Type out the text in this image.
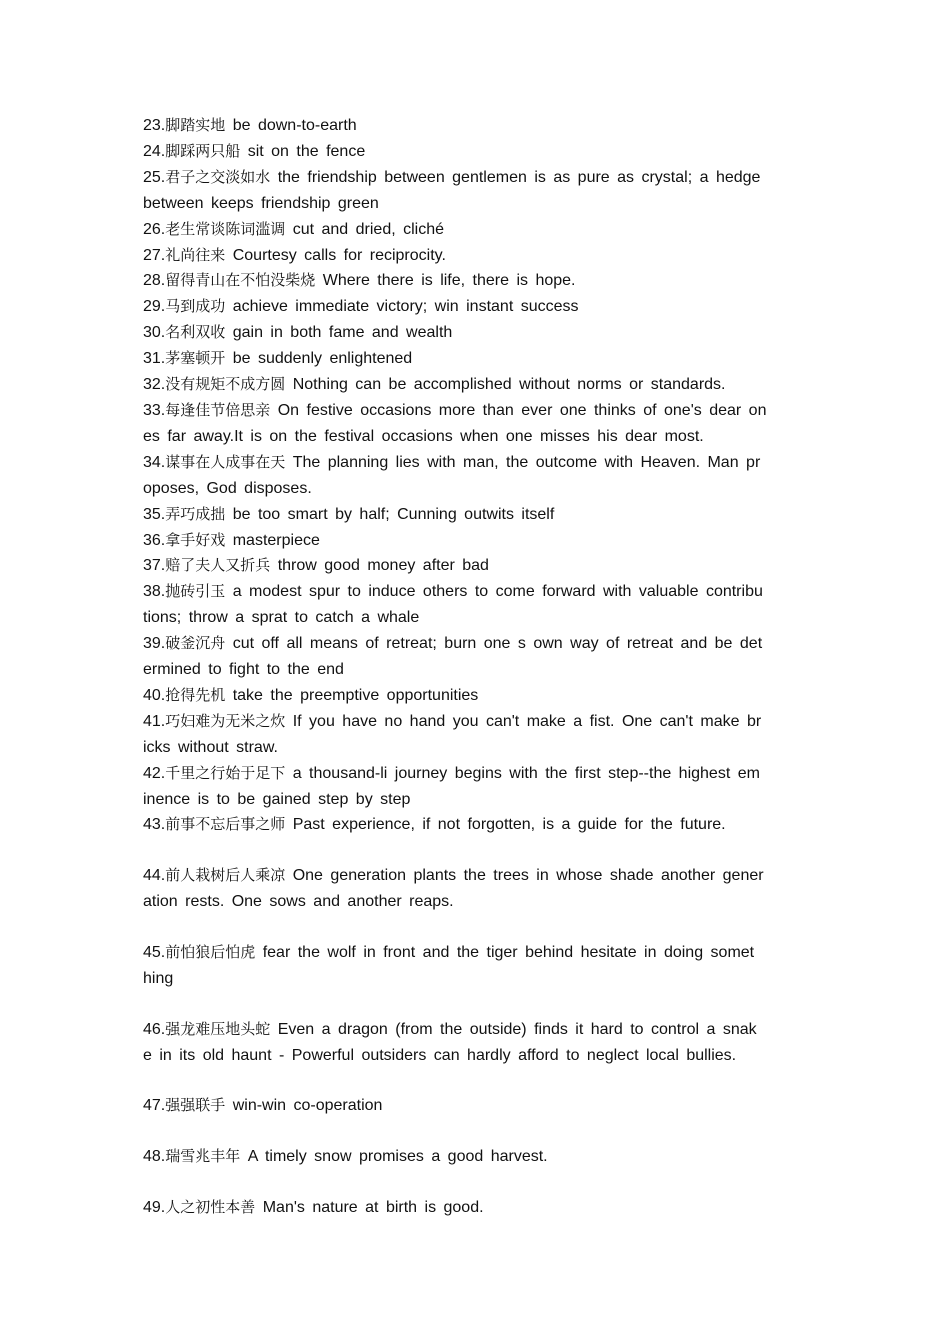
23.脚踏实地 be down-to-earth
24.脚踩两只船 sit on the fence
25.君子之交淡如水 the friendship between gentlemen is as pure as crystal; a hedge
between keeps friendship green
26.老生常谈陈词滥调 cut and dried, cliché
27.礼尚往来 Courtesy calls for reciprocity.
28.留得青山在不怕没柴烧 Where there is life, there is hope.
29.马到成功 achieve immediate victory; win instant success
30.名利双收 gain in both fame and wealth
31.茅塞顿开 be suddenly enlightened
32.没有规矩不成方圆 Nothing can be accomplished without norms or standards.
33.每逢佳节倍思亲 On festive occasions more than ever one thinks of one's dear on
es far away.It is on the festival occasions when one misses his dear most.
34.谋事在人成事在天 The planning lies with man, the outcome with Heaven. Man pr
oposes, God disposes.
35.弄巧成拙 be too smart by half; Cunning outwits itself
36.拿手好戏 masterpiece
37.赔了夫人又折兵 throw good money after bad
38.抛砖引玉 a modest spur to induce others to come forward with valuable contribu
tions; throw a sprat to catch a whale
39.破釜沉舟 cut off all means of retreat; burn one s own way of retreat and be det
ermined to fight to the end
40.抢得先机 take the preemptive opportunities
41.巧妇难为无米之炊 If you have no hand you can't make a fist. One can't make br
icks without straw.
42.千里之行始于足下 a thousand-li journey begins with the first step--the highest em
inence is to be gained step by step
43.前事不忘后事之师 Past experience, if not forgotten, is a guide for the future.
44.前人栽树后人乘凉 One generation plants the trees in whose shade another gener
ation rests. One sows and another reaps.
45.前怕狼后怕虎 fear the wolf in front and the tiger behind hesitate in doing somet
hing
46.强龙难压地头蛇 Even a dragon (from the outside) finds it hard to control a snak
e in its old haunt - Powerful outsiders can hardly afford to neglect local bullies.
47.强强联手 win-win co-operation
48.瑞雪兆丰年 A timely snow promises a good harvest.
49.人之初性本善 Man's nature at birth is good.
